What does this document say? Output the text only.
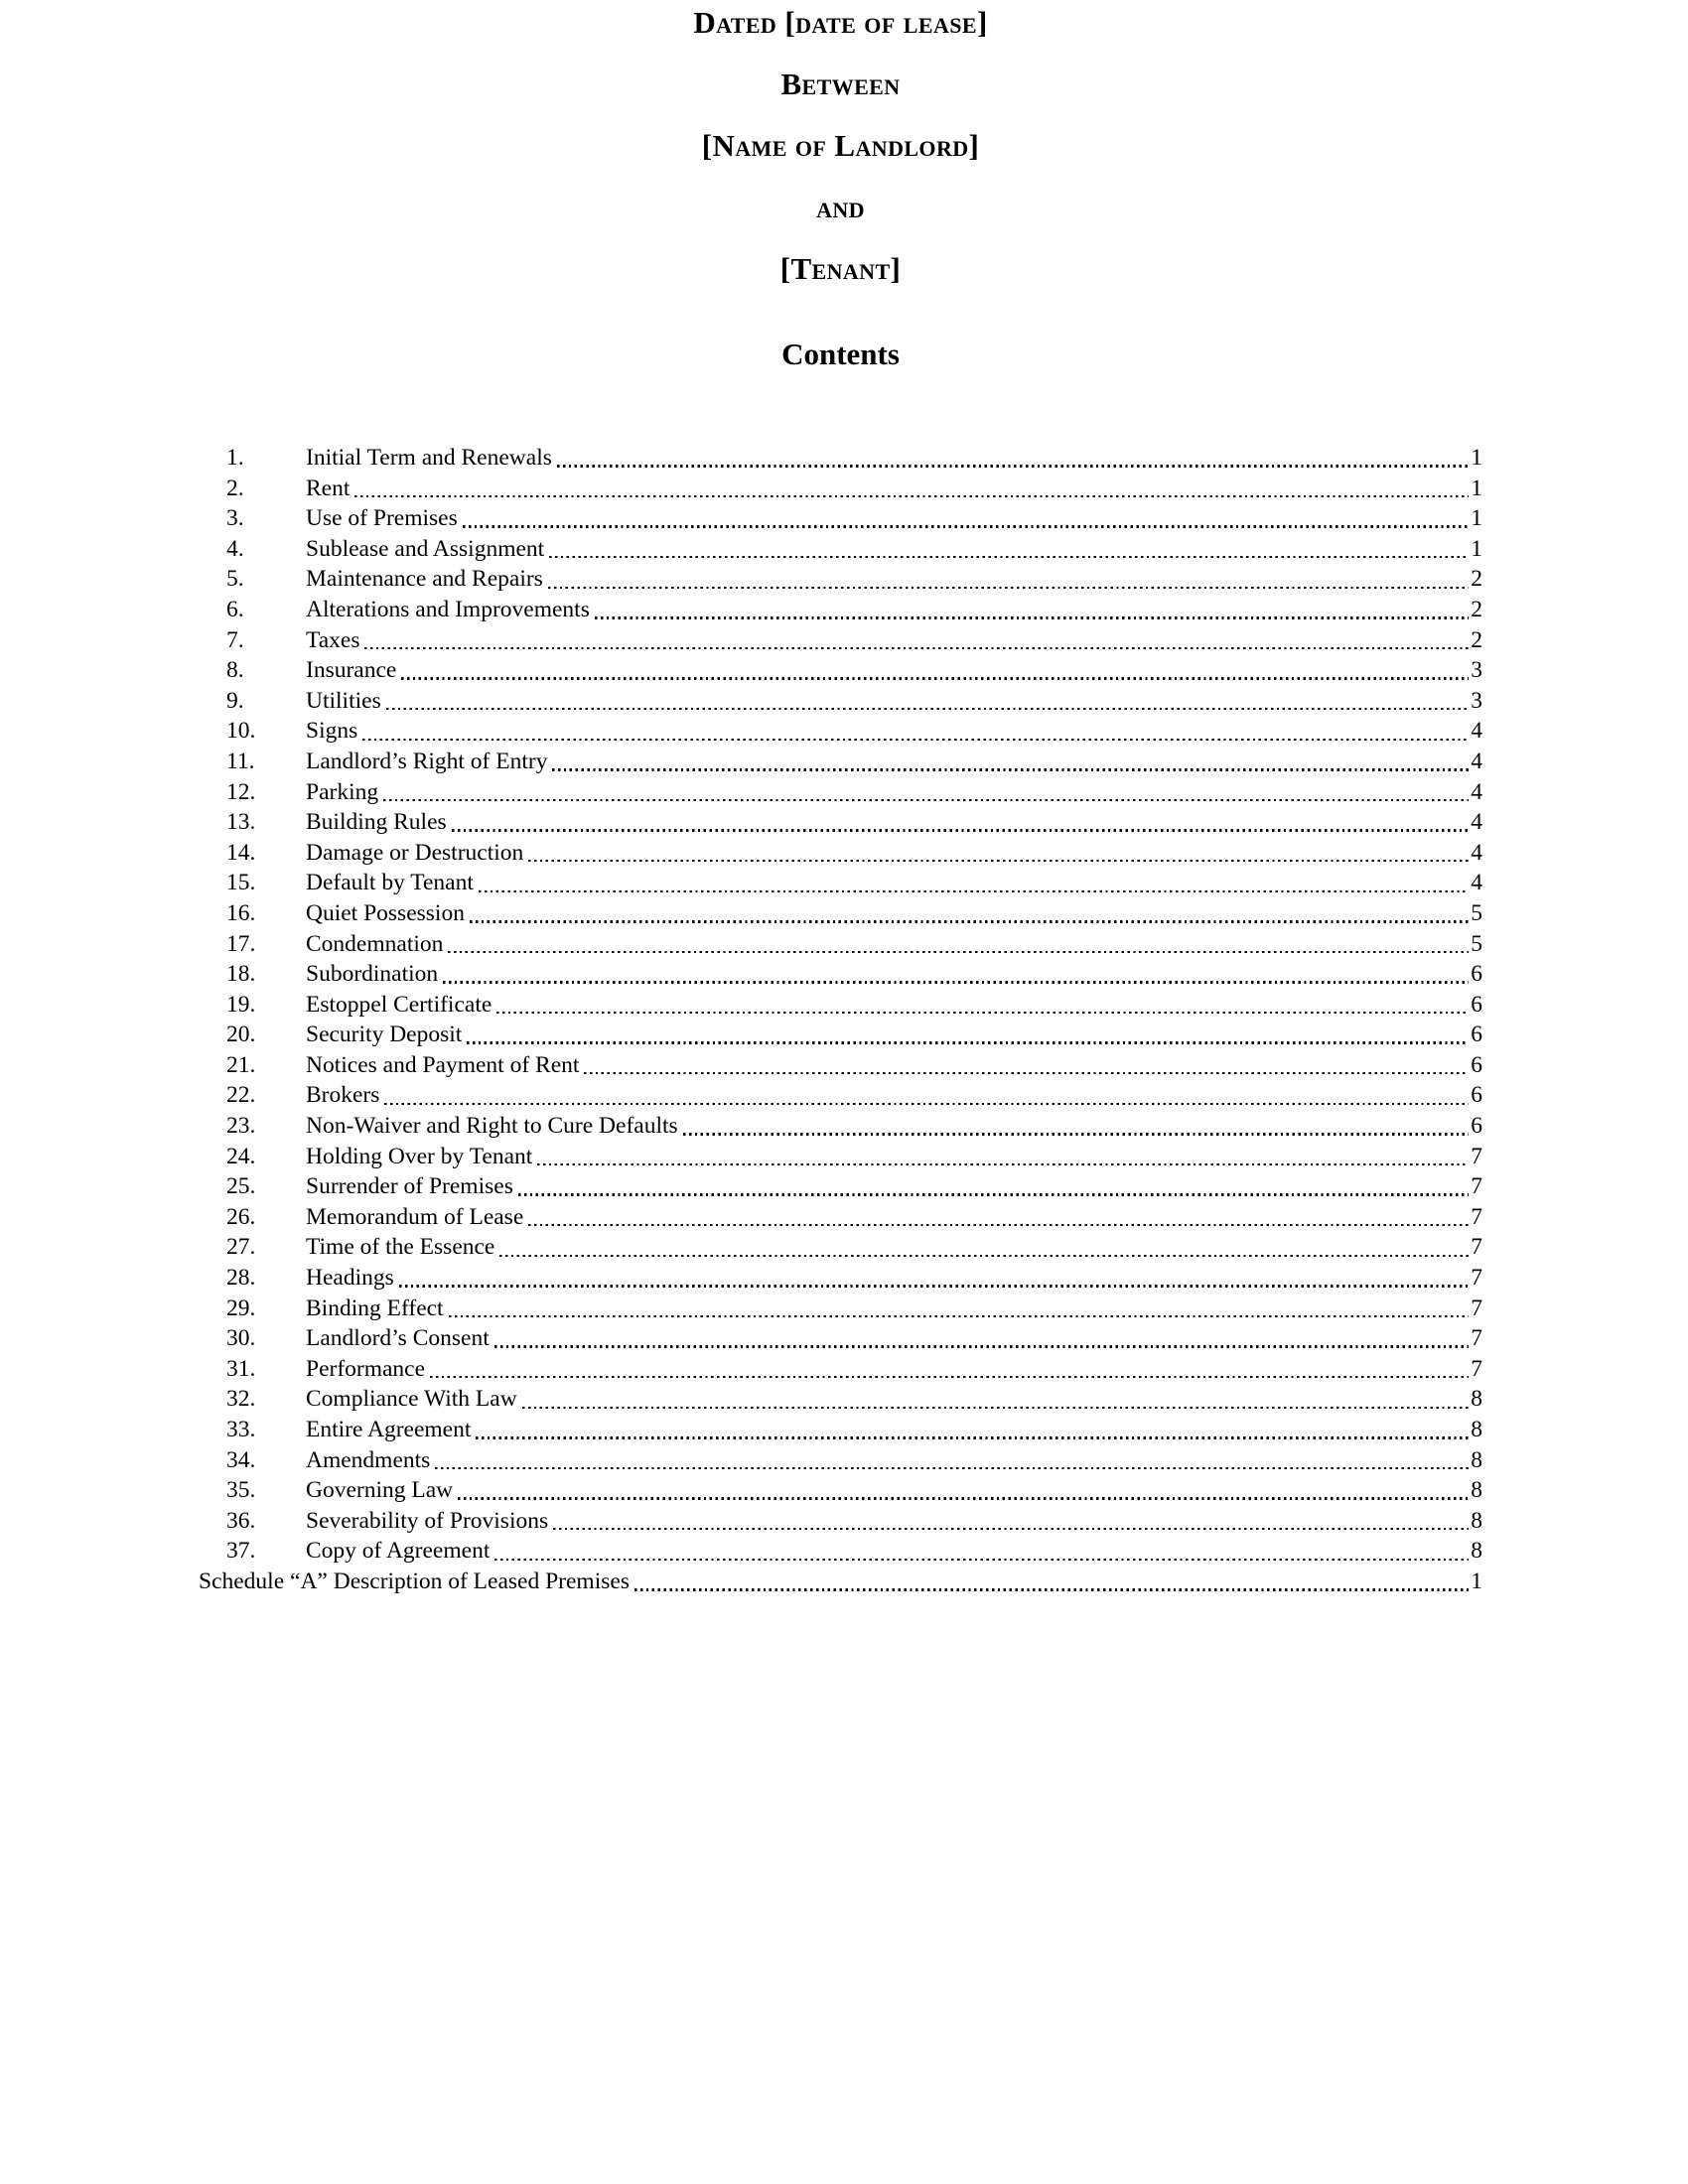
Dated [date of lease]
Between
[Name of Landlord]
and
[Tenant]
Contents
1.	Initial Term and Renewals	1
2.	Rent	1
3.	Use of Premises	1
4.	Sublease and Assignment	1
5.	Maintenance and Repairs	2
6.	Alterations and Improvements	2
7.	Taxes	2
8.	Insurance	3
9.	Utilities	3
10.	Signs	4
11.	Landlord’s Right of Entry	4
12.	Parking	4
13.	Building Rules	4
14.	Damage or Destruction	4
15.	Default by Tenant	4
16.	Quiet Possession	5
17.	Condemnation	5
18.	Subordination	6
19.	Estoppel Certificate	6
20.	Security Deposit	6
21.	Notices and Payment of Rent	6
22.	Brokers	6
23.	Non-Waiver and Right to Cure Defaults	6
24.	Holding Over by Tenant	7
25.	Surrender of Premises	7
26.	Memorandum of Lease	7
27.	Time of the Essence	7
28.	Headings	7
29.	Binding Effect	7
30.	Landlord’s Consent	7
31.	Performance	7
32.	Compliance With Law	8
33.	Entire Agreement	8
34.	Amendments	8
35.	Governing Law	8
36.	Severability of Provisions	8
37.	Copy of Agreement	8
Schedule “A” Description of Leased Premises	1
